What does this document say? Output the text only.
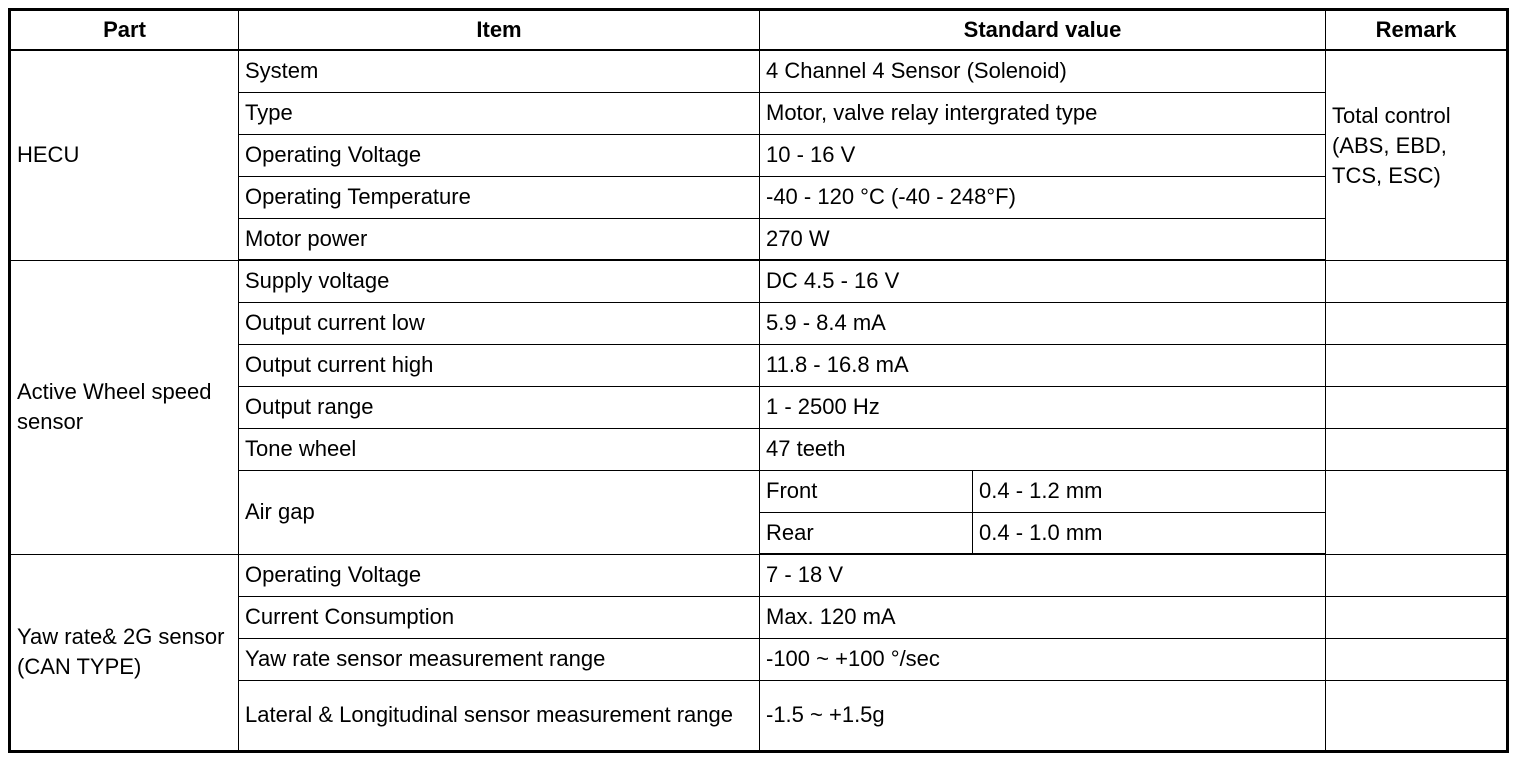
Part	Item	Standard value		Remark
HECU	System	4 Channel 4 Sensor (Solenoid)		Total control (ABS, EBD, TCS, ESC)
	Type	Motor, valve relay intergrated type		
	Operating Voltage	10 - 16 V		
	Operating Temperature	-40 - 120 °C (-40 - 248°F)		
	Motor power	270 W		
Active Wheel speed sensor	Supply voltage	DC 4.5 - 16 V		
	Output current low	5.9 - 8.4 mA		
	Output current high	11.8 - 16.8 mA		
	Output range	1 - 2500 Hz		
	Tone wheel	47 teeth		
	Air gap	Front	0.4 - 1.2 mm	
		Rear	0.4 - 1.0 mm	
Yaw rate& 2G sensor (CAN TYPE)	Operating Voltage	7 - 18 V		
	Current Consumption	Max. 120 mA		
	Yaw rate sensor measurement range	-100 ~ +100 °/sec		
	Lateral & Longitudinal sensor measurement range	-1.5 ~ +1.5g		
